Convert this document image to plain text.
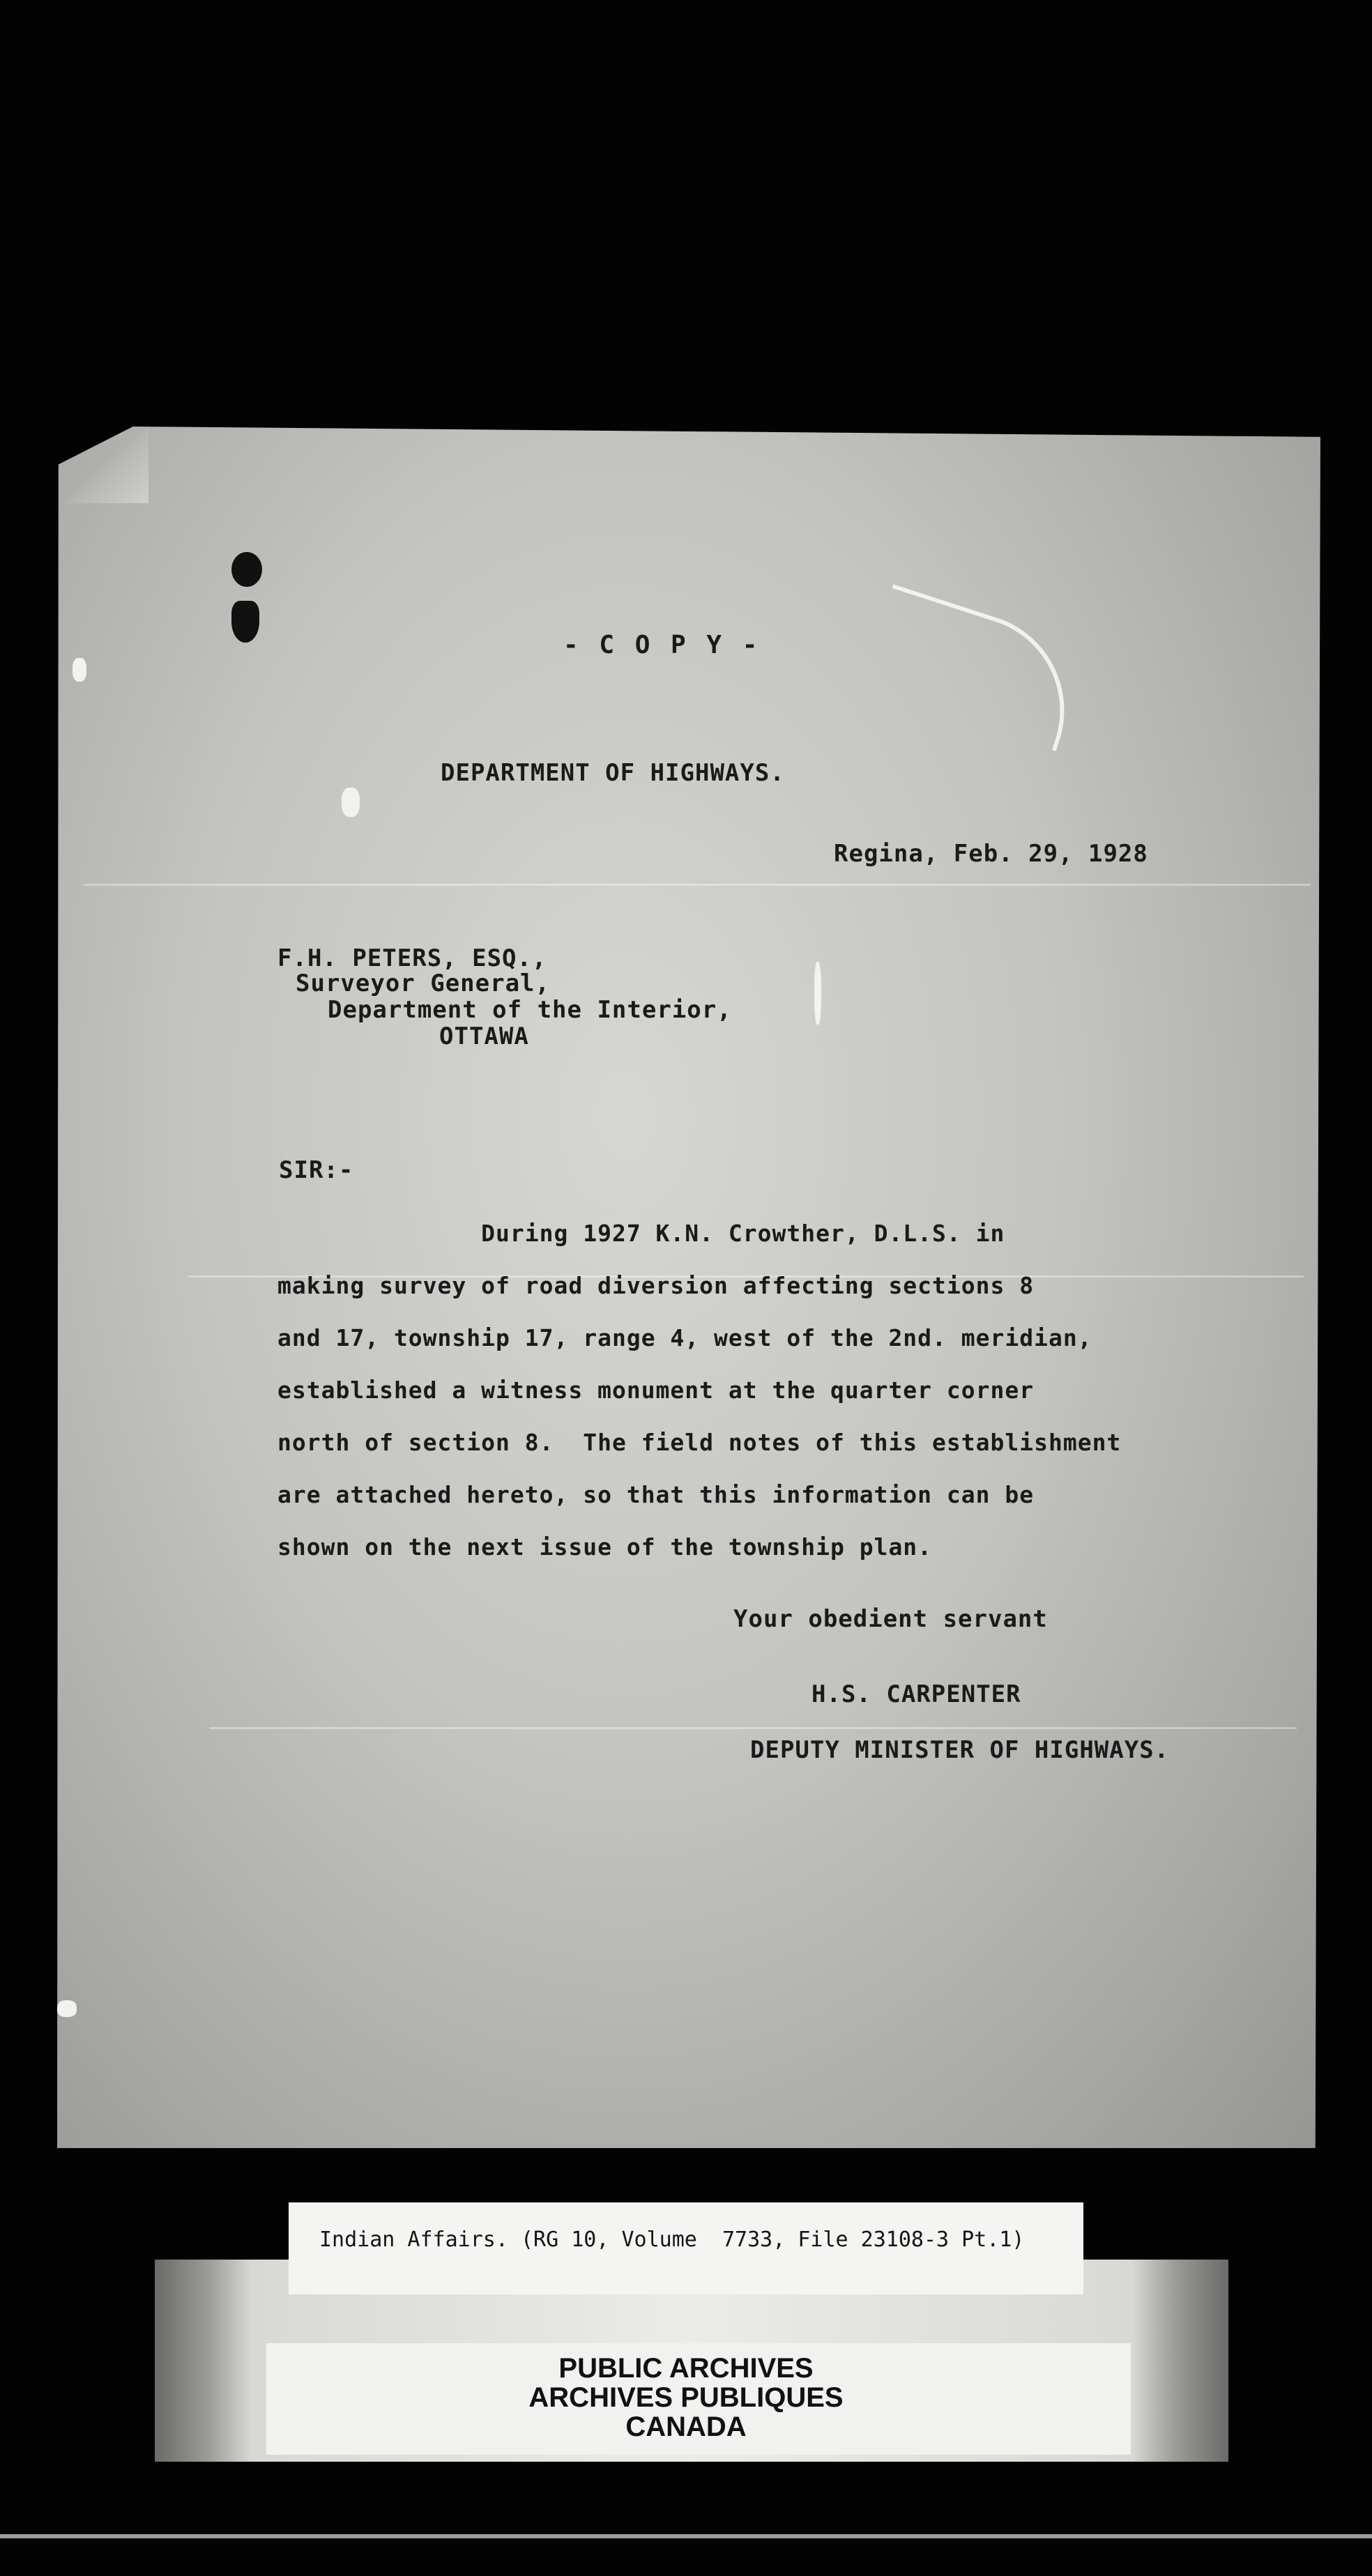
- C O P Y -
DEPARTMENT OF HIGHWAYS.
Regina, Feb. 29, 1928
F.H. PETERS, ESQ.,
Surveyor General,
Department of the Interior,
OTTAWA
SIR:-
During 1927 K.N. Crowther, D.L.S. in
making survey of road diversion affecting sections 8
and 17, township 17, range 4, west of the 2nd. meridian,
established a witness monument at the quarter corner
north of section 8.  The field notes of this establishment
are attached hereto, so that this information can be
shown on the next issue of the township plan.
Your obedient servant
H.S. CARPENTER
DEPUTY MINISTER OF HIGHWAYS.
Indian Affairs. (RG 10, Volume  7733, File 23108-3 Pt.1)
PUBLIC ARCHIVES
ARCHIVES PUBLIQUES
CANADA
